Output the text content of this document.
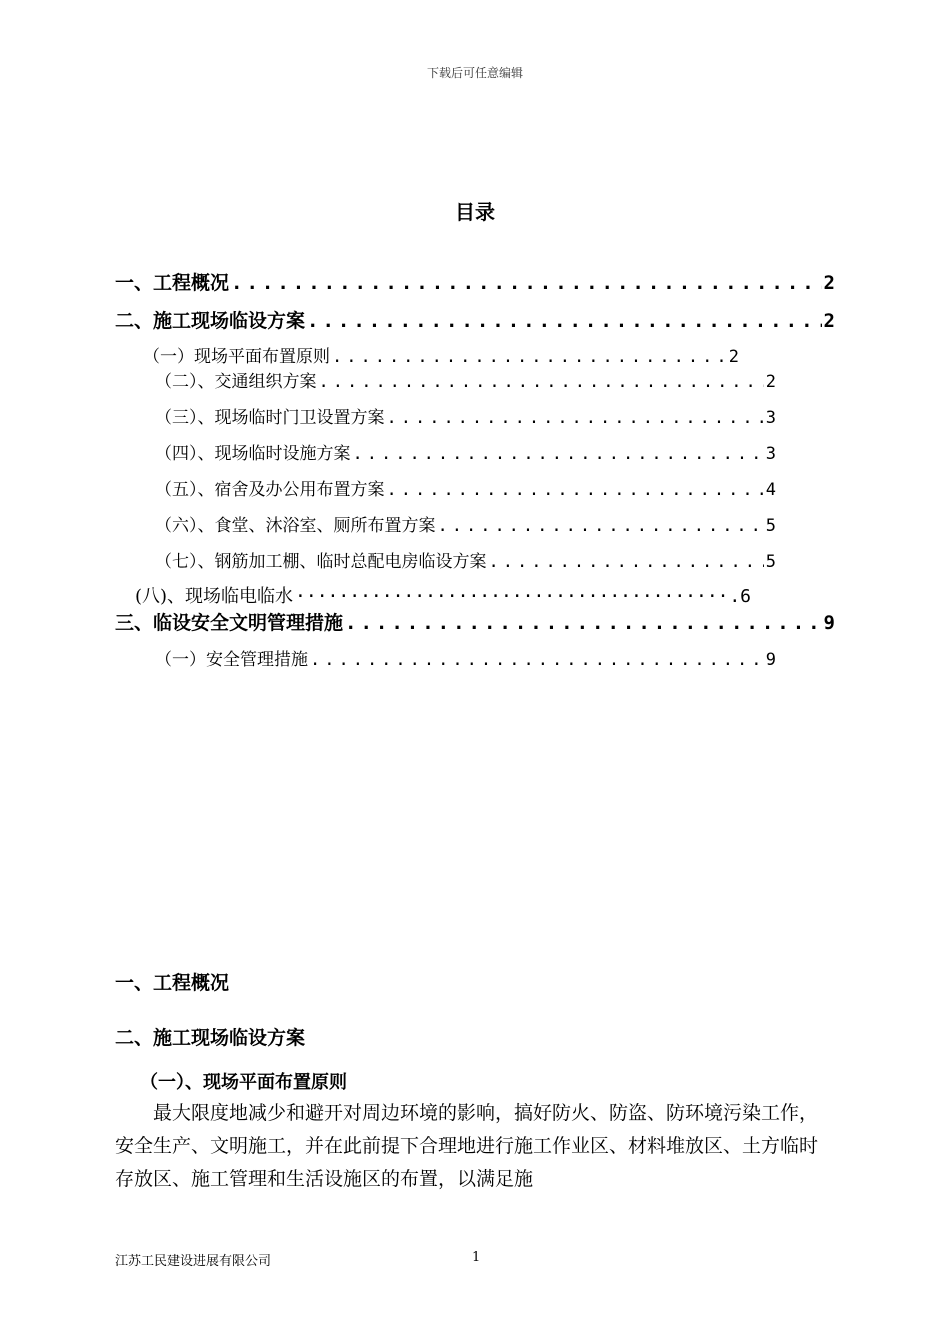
下载后可任意编辑
目录
一、工程概况 .....	2
二、施工现场临设方案 .....	2
（一）现场平面布置原则 .....	2
（二）、交通组织方案 .....	2
（三）、现场临时门卫设置方案 .....	3
（四）、现场临时设施方案 .....	3
（五）、宿舍及办公用布置方案 .....	4
（六）、食堂、沐浴室、厕所布置方案 .....	5
（七）、钢筋加工棚、临时总配电房临设方案 .....	5
(八)、现场临电临水 ·····	.6
三、临设安全文明管理措施 .....	9
（一）安全管理措施 .....	9
一、工程概况
二、施工现场临设方案
（一）、现场平面布置原则
最大限度地减少和避开对周边环境的影响，搞好防火、防盗、防环境污染工作，安全生产、文明施工，并在此前提下合理地进行施工作业区、材料堆放区、土方临时存放区、施工管理和生活设施区的布置，以满足施
江苏工民建设进展有限公司	1
